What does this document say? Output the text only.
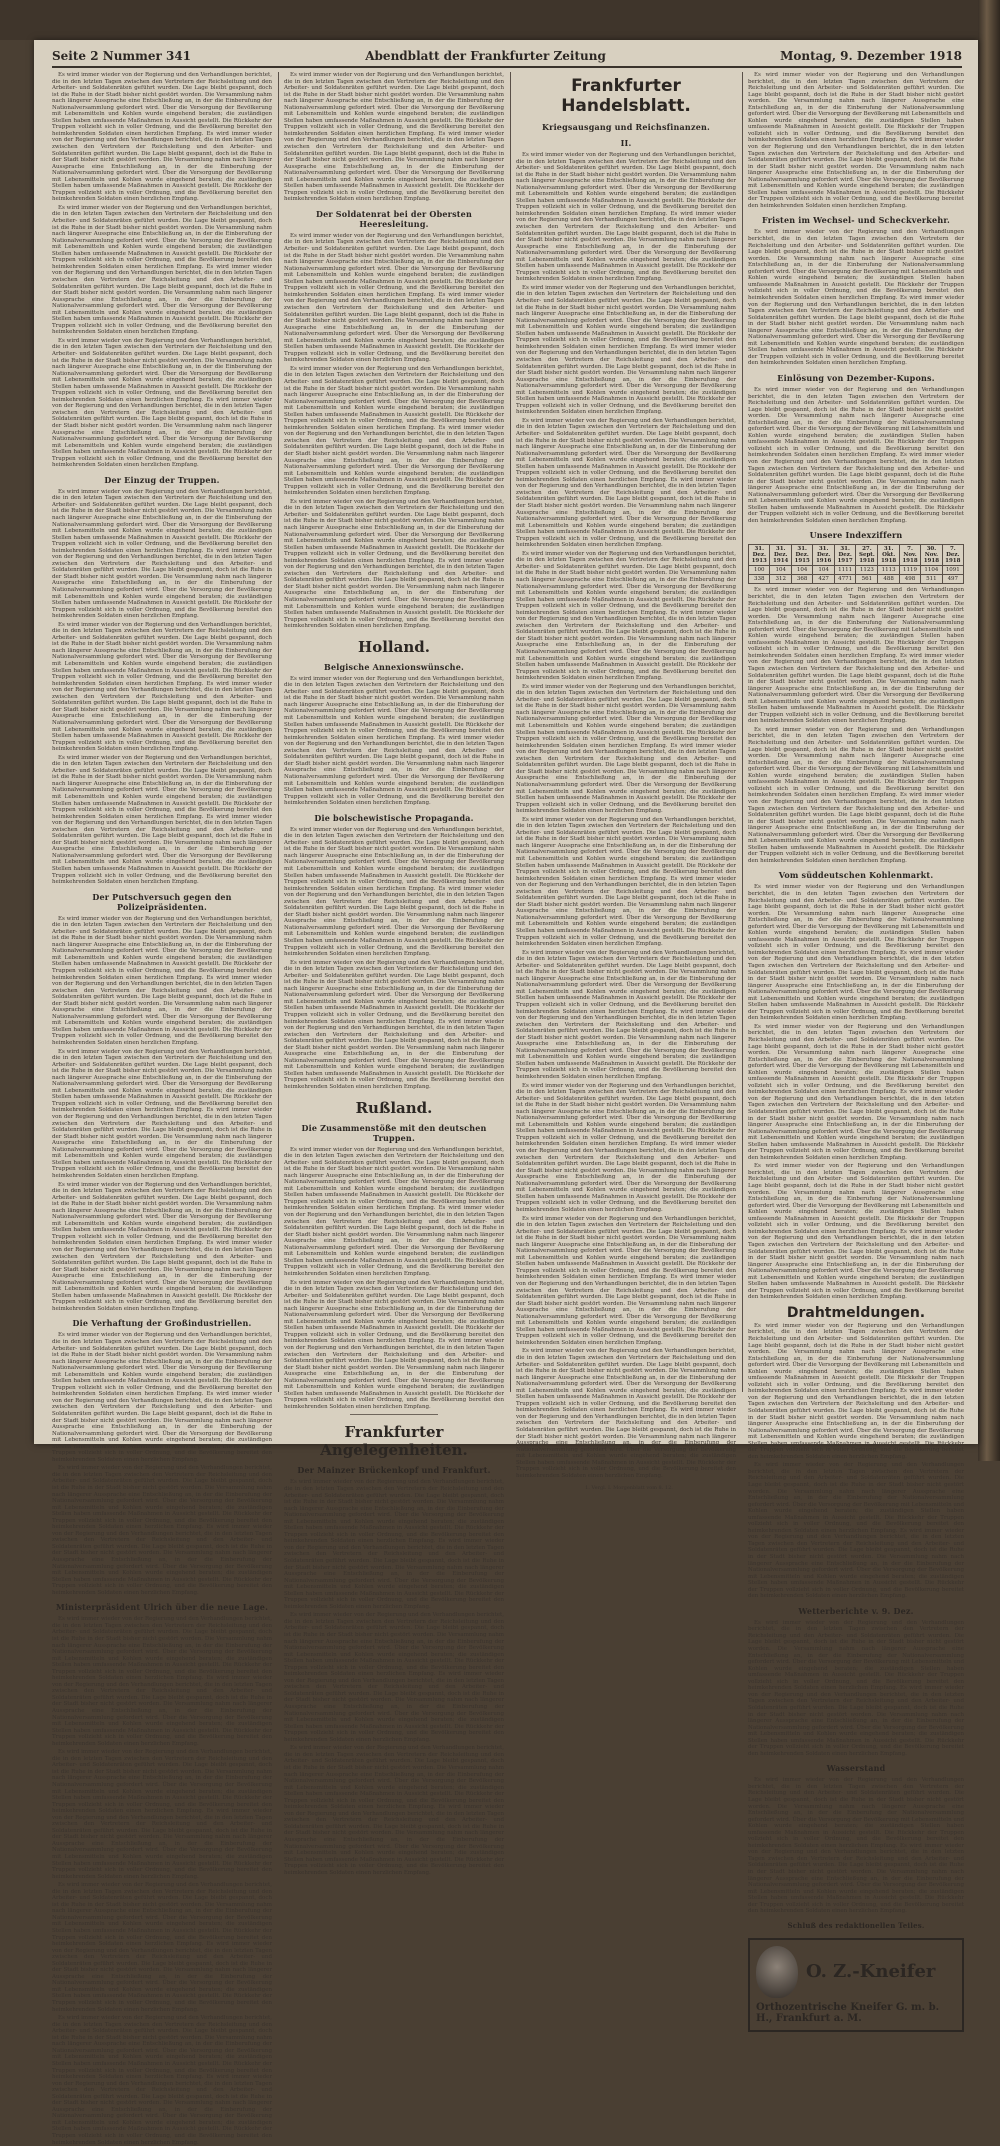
Seite 2 Nummer 341	Abendblatt der Frankfurter Zeitung	Montag, 9. Dezember 1918
Es wird immer wieder von der Regierung und den Verhandlungen berichtet, die in den letzten Tagen zwischen den Vertretern der Reichsleitung und den Arbeiter- und Soldatenräten geführt wurden. Die Lage bleibt gespannt, doch ist die Ruhe in der Stadt bisher nicht gestört worden. Die Versammlung nahm nach längerer Aussprache eine Entschließung an, in der die Einberufung der Nationalversammlung gefordert wird. Über die Versorgung der Bevölkerung mit Lebensmitteln und Kohlen wurde eingehend beraten; die zuständigen Stellen haben umfassende Maßnahmen in Aussicht gestellt. Die Rückkehr der Truppen vollzieht sich in voller Ordnung, und die Bevölkerung bereitet den heimkehrenden Soldaten einen herzlichen Empfang. Es wird immer wieder von der Regierung und den Verhandlungen berichtet, die in den letzten Tagen zwischen den Vertretern der Reichsleitung und den Arbeiter- und Soldatenräten geführt wurden. Die Lage bleibt gespannt, doch ist die Ruhe in der Stadt bisher nicht gestört worden. Die Versammlung nahm nach längerer Aussprache eine Entschließung an, in der die Einberufung der Nationalversammlung gefordert wird. Über die Versorgung der Bevölkerung mit Lebensmitteln und Kohlen wurde eingehend beraten; die zuständigen Stellen haben umfassende Maßnahmen in Aussicht gestellt. Die Rückkehr der Truppen vollzieht sich in voller Ordnung, und die Bevölkerung bereitet den heimkehrenden Soldaten einen herzlichen Empfang.
Es wird immer wieder von der Regierung und den Verhandlungen berichtet, die in den letzten Tagen zwischen den Vertretern der Reichsleitung und den Arbeiter- und Soldatenräten geführt wurden. Die Lage bleibt gespannt, doch ist die Ruhe in der Stadt bisher nicht gestört worden. Die Versammlung nahm nach längerer Aussprache eine Entschließung an, in der die Einberufung der Nationalversammlung gefordert wird. Über die Versorgung der Bevölkerung mit Lebensmitteln und Kohlen wurde eingehend beraten; die zuständigen Stellen haben umfassende Maßnahmen in Aussicht gestellt. Die Rückkehr der Truppen vollzieht sich in voller Ordnung, und die Bevölkerung bereitet den heimkehrenden Soldaten einen herzlichen Empfang. Es wird immer wieder von der Regierung und den Verhandlungen berichtet, die in den letzten Tagen zwischen den Vertretern der Reichsleitung und den Arbeiter- und Soldatenräten geführt wurden. Die Lage bleibt gespannt, doch ist die Ruhe in der Stadt bisher nicht gestört worden. Die Versammlung nahm nach längerer Aussprache eine Entschließung an, in der die Einberufung der Nationalversammlung gefordert wird. Über die Versorgung der Bevölkerung mit Lebensmitteln und Kohlen wurde eingehend beraten; die zuständigen Stellen haben umfassende Maßnahmen in Aussicht gestellt. Die Rückkehr der Truppen vollzieht sich in voller Ordnung, und die Bevölkerung bereitet den heimkehrenden Soldaten einen herzlichen Empfang.
Es wird immer wieder von der Regierung und den Verhandlungen berichtet, die in den letzten Tagen zwischen den Vertretern der Reichsleitung und den Arbeiter- und Soldatenräten geführt wurden. Die Lage bleibt gespannt, doch ist die Ruhe in der Stadt bisher nicht gestört worden. Die Versammlung nahm nach längerer Aussprache eine Entschließung an, in der die Einberufung der Nationalversammlung gefordert wird. Über die Versorgung der Bevölkerung mit Lebensmitteln und Kohlen wurde eingehend beraten; die zuständigen Stellen haben umfassende Maßnahmen in Aussicht gestellt. Die Rückkehr der Truppen vollzieht sich in voller Ordnung, und die Bevölkerung bereitet den heimkehrenden Soldaten einen herzlichen Empfang. Es wird immer wieder von der Regierung und den Verhandlungen berichtet, die in den letzten Tagen zwischen den Vertretern der Reichsleitung und den Arbeiter- und Soldatenräten geführt wurden. Die Lage bleibt gespannt, doch ist die Ruhe in der Stadt bisher nicht gestört worden. Die Versammlung nahm nach längerer Aussprache eine Entschließung an, in der die Einberufung der Nationalversammlung gefordert wird. Über die Versorgung der Bevölkerung mit Lebensmitteln und Kohlen wurde eingehend beraten; die zuständigen Stellen haben umfassende Maßnahmen in Aussicht gestellt. Die Rückkehr der Truppen vollzieht sich in voller Ordnung, und die Bevölkerung bereitet den heimkehrenden Soldaten einen herzlichen Empfang.
Der Einzug der Truppen.
Es wird immer wieder von der Regierung und den Verhandlungen berichtet, die in den letzten Tagen zwischen den Vertretern der Reichsleitung und den Arbeiter- und Soldatenräten geführt wurden. Die Lage bleibt gespannt, doch ist die Ruhe in der Stadt bisher nicht gestört worden. Die Versammlung nahm nach längerer Aussprache eine Entschließung an, in der die Einberufung der Nationalversammlung gefordert wird. Über die Versorgung der Bevölkerung mit Lebensmitteln und Kohlen wurde eingehend beraten; die zuständigen Stellen haben umfassende Maßnahmen in Aussicht gestellt. Die Rückkehr der Truppen vollzieht sich in voller Ordnung, und die Bevölkerung bereitet den heimkehrenden Soldaten einen herzlichen Empfang. Es wird immer wieder von der Regierung und den Verhandlungen berichtet, die in den letzten Tagen zwischen den Vertretern der Reichsleitung und den Arbeiter- und Soldatenräten geführt wurden. Die Lage bleibt gespannt, doch ist die Ruhe in der Stadt bisher nicht gestört worden. Die Versammlung nahm nach längerer Aussprache eine Entschließung an, in der die Einberufung der Nationalversammlung gefordert wird. Über die Versorgung der Bevölkerung mit Lebensmitteln und Kohlen wurde eingehend beraten; die zuständigen Stellen haben umfassende Maßnahmen in Aussicht gestellt. Die Rückkehr der Truppen vollzieht sich in voller Ordnung, und die Bevölkerung bereitet den heimkehrenden Soldaten einen herzlichen Empfang.
Es wird immer wieder von der Regierung und den Verhandlungen berichtet, die in den letzten Tagen zwischen den Vertretern der Reichsleitung und den Arbeiter- und Soldatenräten geführt wurden. Die Lage bleibt gespannt, doch ist die Ruhe in der Stadt bisher nicht gestört worden. Die Versammlung nahm nach längerer Aussprache eine Entschließung an, in der die Einberufung der Nationalversammlung gefordert wird. Über die Versorgung der Bevölkerung mit Lebensmitteln und Kohlen wurde eingehend beraten; die zuständigen Stellen haben umfassende Maßnahmen in Aussicht gestellt. Die Rückkehr der Truppen vollzieht sich in voller Ordnung, und die Bevölkerung bereitet den heimkehrenden Soldaten einen herzlichen Empfang. Es wird immer wieder von der Regierung und den Verhandlungen berichtet, die in den letzten Tagen zwischen den Vertretern der Reichsleitung und den Arbeiter- und Soldatenräten geführt wurden. Die Lage bleibt gespannt, doch ist die Ruhe in der Stadt bisher nicht gestört worden. Die Versammlung nahm nach längerer Aussprache eine Entschließung an, in der die Einberufung der Nationalversammlung gefordert wird. Über die Versorgung der Bevölkerung mit Lebensmitteln und Kohlen wurde eingehend beraten; die zuständigen Stellen haben umfassende Maßnahmen in Aussicht gestellt. Die Rückkehr der Truppen vollzieht sich in voller Ordnung, und die Bevölkerung bereitet den heimkehrenden Soldaten einen herzlichen Empfang.
Es wird immer wieder von der Regierung und den Verhandlungen berichtet, die in den letzten Tagen zwischen den Vertretern der Reichsleitung und den Arbeiter- und Soldatenräten geführt wurden. Die Lage bleibt gespannt, doch ist die Ruhe in der Stadt bisher nicht gestört worden. Die Versammlung nahm nach längerer Aussprache eine Entschließung an, in der die Einberufung der Nationalversammlung gefordert wird. Über die Versorgung der Bevölkerung mit Lebensmitteln und Kohlen wurde eingehend beraten; die zuständigen Stellen haben umfassende Maßnahmen in Aussicht gestellt. Die Rückkehr der Truppen vollzieht sich in voller Ordnung, und die Bevölkerung bereitet den heimkehrenden Soldaten einen herzlichen Empfang. Es wird immer wieder von der Regierung und den Verhandlungen berichtet, die in den letzten Tagen zwischen den Vertretern der Reichsleitung und den Arbeiter- und Soldatenräten geführt wurden. Die Lage bleibt gespannt, doch ist die Ruhe in der Stadt bisher nicht gestört worden. Die Versammlung nahm nach längerer Aussprache eine Entschließung an, in der die Einberufung der Nationalversammlung gefordert wird. Über die Versorgung der Bevölkerung mit Lebensmitteln und Kohlen wurde eingehend beraten; die zuständigen Stellen haben umfassende Maßnahmen in Aussicht gestellt. Die Rückkehr der Truppen vollzieht sich in voller Ordnung, und die Bevölkerung bereitet den heimkehrenden Soldaten einen herzlichen Empfang.
Der Putschversuch gegen den Polizeipräsidenten.
Es wird immer wieder von der Regierung und den Verhandlungen berichtet, die in den letzten Tagen zwischen den Vertretern der Reichsleitung und den Arbeiter- und Soldatenräten geführt wurden. Die Lage bleibt gespannt, doch ist die Ruhe in der Stadt bisher nicht gestört worden. Die Versammlung nahm nach längerer Aussprache eine Entschließung an, in der die Einberufung der Nationalversammlung gefordert wird. Über die Versorgung der Bevölkerung mit Lebensmitteln und Kohlen wurde eingehend beraten; die zuständigen Stellen haben umfassende Maßnahmen in Aussicht gestellt. Die Rückkehr der Truppen vollzieht sich in voller Ordnung, und die Bevölkerung bereitet den heimkehrenden Soldaten einen herzlichen Empfang. Es wird immer wieder von der Regierung und den Verhandlungen berichtet, die in den letzten Tagen zwischen den Vertretern der Reichsleitung und den Arbeiter- und Soldatenräten geführt wurden. Die Lage bleibt gespannt, doch ist die Ruhe in der Stadt bisher nicht gestört worden. Die Versammlung nahm nach längerer Aussprache eine Entschließung an, in der die Einberufung der Nationalversammlung gefordert wird. Über die Versorgung der Bevölkerung mit Lebensmitteln und Kohlen wurde eingehend beraten; die zuständigen Stellen haben umfassende Maßnahmen in Aussicht gestellt. Die Rückkehr der Truppen vollzieht sich in voller Ordnung, und die Bevölkerung bereitet den heimkehrenden Soldaten einen herzlichen Empfang.
Es wird immer wieder von der Regierung und den Verhandlungen berichtet, die in den letzten Tagen zwischen den Vertretern der Reichsleitung und den Arbeiter- und Soldatenräten geführt wurden. Die Lage bleibt gespannt, doch ist die Ruhe in der Stadt bisher nicht gestört worden. Die Versammlung nahm nach längerer Aussprache eine Entschließung an, in der die Einberufung der Nationalversammlung gefordert wird. Über die Versorgung der Bevölkerung mit Lebensmitteln und Kohlen wurde eingehend beraten; die zuständigen Stellen haben umfassende Maßnahmen in Aussicht gestellt. Die Rückkehr der Truppen vollzieht sich in voller Ordnung, und die Bevölkerung bereitet den heimkehrenden Soldaten einen herzlichen Empfang. Es wird immer wieder von der Regierung und den Verhandlungen berichtet, die in den letzten Tagen zwischen den Vertretern der Reichsleitung und den Arbeiter- und Soldatenräten geführt wurden. Die Lage bleibt gespannt, doch ist die Ruhe in der Stadt bisher nicht gestört worden. Die Versammlung nahm nach längerer Aussprache eine Entschließung an, in der die Einberufung der Nationalversammlung gefordert wird. Über die Versorgung der Bevölkerung mit Lebensmitteln und Kohlen wurde eingehend beraten; die zuständigen Stellen haben umfassende Maßnahmen in Aussicht gestellt. Die Rückkehr der Truppen vollzieht sich in voller Ordnung, und die Bevölkerung bereitet den heimkehrenden Soldaten einen herzlichen Empfang.
Es wird immer wieder von der Regierung und den Verhandlungen berichtet, die in den letzten Tagen zwischen den Vertretern der Reichsleitung und den Arbeiter- und Soldatenräten geführt wurden. Die Lage bleibt gespannt, doch ist die Ruhe in der Stadt bisher nicht gestört worden. Die Versammlung nahm nach längerer Aussprache eine Entschließung an, in der die Einberufung der Nationalversammlung gefordert wird. Über die Versorgung der Bevölkerung mit Lebensmitteln und Kohlen wurde eingehend beraten; die zuständigen Stellen haben umfassende Maßnahmen in Aussicht gestellt. Die Rückkehr der Truppen vollzieht sich in voller Ordnung, und die Bevölkerung bereitet den heimkehrenden Soldaten einen herzlichen Empfang. Es wird immer wieder von der Regierung und den Verhandlungen berichtet, die in den letzten Tagen zwischen den Vertretern der Reichsleitung und den Arbeiter- und Soldatenräten geführt wurden. Die Lage bleibt gespannt, doch ist die Ruhe in der Stadt bisher nicht gestört worden. Die Versammlung nahm nach längerer Aussprache eine Entschließung an, in der die Einberufung der Nationalversammlung gefordert wird. Über die Versorgung der Bevölkerung mit Lebensmitteln und Kohlen wurde eingehend beraten; die zuständigen Stellen haben umfassende Maßnahmen in Aussicht gestellt. Die Rückkehr der Truppen vollzieht sich in voller Ordnung, und die Bevölkerung bereitet den heimkehrenden Soldaten einen herzlichen Empfang.
Die Verhaftung der Großindustriellen.
Es wird immer wieder von der Regierung und den Verhandlungen berichtet, die in den letzten Tagen zwischen den Vertretern der Reichsleitung und den Arbeiter- und Soldatenräten geführt wurden. Die Lage bleibt gespannt, doch ist die Ruhe in der Stadt bisher nicht gestört worden. Die Versammlung nahm nach längerer Aussprache eine Entschließung an, in der die Einberufung der Nationalversammlung gefordert wird. Über die Versorgung der Bevölkerung mit Lebensmitteln und Kohlen wurde eingehend beraten; die zuständigen Stellen haben umfassende Maßnahmen in Aussicht gestellt. Die Rückkehr der Truppen vollzieht sich in voller Ordnung, und die Bevölkerung bereitet den heimkehrenden Soldaten einen herzlichen Empfang. Es wird immer wieder von der Regierung und den Verhandlungen berichtet, die in den letzten Tagen zwischen den Vertretern der Reichsleitung und den Arbeiter- und Soldatenräten geführt wurden. Die Lage bleibt gespannt, doch ist die Ruhe in der Stadt bisher nicht gestört worden. Die Versammlung nahm nach längerer Aussprache eine Entschließung an, in der die Einberufung der Nationalversammlung gefordert wird. Über die Versorgung der Bevölkerung mit Lebensmitteln und Kohlen wurde eingehend beraten; die zuständigen Stellen haben umfassende Maßnahmen in Aussicht gestellt. Die Rückkehr der Truppen vollzieht sich in voller Ordnung, und die Bevölkerung bereitet den heimkehrenden Soldaten einen herzlichen Empfang.
Es wird immer wieder von der Regierung und den Verhandlungen berichtet, die in den letzten Tagen zwischen den Vertretern der Reichsleitung und den Arbeiter- und Soldatenräten geführt wurden. Die Lage bleibt gespannt, doch ist die Ruhe in der Stadt bisher nicht gestört worden. Die Versammlung nahm nach längerer Aussprache eine Entschließung an, in der die Einberufung der Nationalversammlung gefordert wird. Über die Versorgung der Bevölkerung mit Lebensmitteln und Kohlen wurde eingehend beraten; die zuständigen Stellen haben umfassende Maßnahmen in Aussicht gestellt. Die Rückkehr der Truppen vollzieht sich in voller Ordnung, und die Bevölkerung bereitet den heimkehrenden Soldaten einen herzlichen Empfang. Es wird immer wieder von der Regierung und den Verhandlungen berichtet, die in den letzten Tagen zwischen den Vertretern der Reichsleitung und den Arbeiter- und Soldatenräten geführt wurden. Die Lage bleibt gespannt, doch ist die Ruhe in der Stadt bisher nicht gestört worden. Die Versammlung nahm nach längerer Aussprache eine Entschließung an, in der die Einberufung der Nationalversammlung gefordert wird. Über die Versorgung der Bevölkerung mit Lebensmitteln und Kohlen wurde eingehend beraten; die zuständigen Stellen haben umfassende Maßnahmen in Aussicht gestellt. Die Rückkehr der Truppen vollzieht sich in voller Ordnung, und die Bevölkerung bereitet den heimkehrenden Soldaten einen herzlichen Empfang.
Ministerpräsident Ulrich über die neue Lage.
Es wird immer wieder von der Regierung und den Verhandlungen berichtet, die in den letzten Tagen zwischen den Vertretern der Reichsleitung und den Arbeiter- und Soldatenräten geführt wurden. Die Lage bleibt gespannt, doch ist die Ruhe in der Stadt bisher nicht gestört worden. Die Versammlung nahm nach längerer Aussprache eine Entschließung an, in der die Einberufung der Nationalversammlung gefordert wird. Über die Versorgung der Bevölkerung mit Lebensmitteln und Kohlen wurde eingehend beraten; die zuständigen Stellen haben umfassende Maßnahmen in Aussicht gestellt. Die Rückkehr der Truppen vollzieht sich in voller Ordnung, und die Bevölkerung bereitet den heimkehrenden Soldaten einen herzlichen Empfang. Es wird immer wieder von der Regierung und den Verhandlungen berichtet, die in den letzten Tagen zwischen den Vertretern der Reichsleitung und den Arbeiter- und Soldatenräten geführt wurden. Die Lage bleibt gespannt, doch ist die Ruhe in der Stadt bisher nicht gestört worden. Die Versammlung nahm nach längerer Aussprache eine Entschließung an, in der die Einberufung der Nationalversammlung gefordert wird. Über die Versorgung der Bevölkerung mit Lebensmitteln und Kohlen wurde eingehend beraten; die zuständigen Stellen haben umfassende Maßnahmen in Aussicht gestellt. Die Rückkehr der Truppen vollzieht sich in voller Ordnung, und die Bevölkerung bereitet den heimkehrenden Soldaten einen herzlichen Empfang.
Es wird immer wieder von der Regierung und den Verhandlungen berichtet, die in den letzten Tagen zwischen den Vertretern der Reichsleitung und den Arbeiter- und Soldatenräten geführt wurden. Die Lage bleibt gespannt, doch ist die Ruhe in der Stadt bisher nicht gestört worden. Die Versammlung nahm nach längerer Aussprache eine Entschließung an, in der die Einberufung der Nationalversammlung gefordert wird. Über die Versorgung der Bevölkerung mit Lebensmitteln und Kohlen wurde eingehend beraten; die zuständigen Stellen haben umfassende Maßnahmen in Aussicht gestellt. Die Rückkehr der Truppen vollzieht sich in voller Ordnung, und die Bevölkerung bereitet den heimkehrenden Soldaten einen herzlichen Empfang. Es wird immer wieder von der Regierung und den Verhandlungen berichtet, die in den letzten Tagen zwischen den Vertretern der Reichsleitung und den Arbeiter- und Soldatenräten geführt wurden. Die Lage bleibt gespannt, doch ist die Ruhe in der Stadt bisher nicht gestört worden. Die Versammlung nahm nach längerer Aussprache eine Entschließung an, in der die Einberufung der Nationalversammlung gefordert wird. Über die Versorgung der Bevölkerung mit Lebensmitteln und Kohlen wurde eingehend beraten; die zuständigen Stellen haben umfassende Maßnahmen in Aussicht gestellt. Die Rückkehr der Truppen vollzieht sich in voller Ordnung, und die Bevölkerung bereitet den heimkehrenden Soldaten einen herzlichen Empfang.
Es wird immer wieder von der Regierung und den Verhandlungen berichtet, die in den letzten Tagen zwischen den Vertretern der Reichsleitung und den Arbeiter- und Soldatenräten geführt wurden. Die Lage bleibt gespannt, doch ist die Ruhe in der Stadt bisher nicht gestört worden. Die Versammlung nahm nach längerer Aussprache eine Entschließung an, in der die Einberufung der Nationalversammlung gefordert wird. Über die Versorgung der Bevölkerung mit Lebensmitteln und Kohlen wurde eingehend beraten; die zuständigen Stellen haben umfassende Maßnahmen in Aussicht gestellt. Die Rückkehr der Truppen vollzieht sich in voller Ordnung, und die Bevölkerung bereitet den heimkehrenden Soldaten einen herzlichen Empfang. Es wird immer wieder von der Regierung und den Verhandlungen berichtet, die in den letzten Tagen zwischen den Vertretern der Reichsleitung und den Arbeiter- und Soldatenräten geführt wurden. Die Lage bleibt gespannt, doch ist die Ruhe in der Stadt bisher nicht gestört worden. Die Versammlung nahm nach längerer Aussprache eine Entschließung an, in der die Einberufung der Nationalversammlung gefordert wird. Über die Versorgung der Bevölkerung mit Lebensmitteln und Kohlen wurde eingehend beraten; die zuständigen Stellen haben umfassende Maßnahmen in Aussicht gestellt. Die Rückkehr der Truppen vollzieht sich in voller Ordnung, und die Bevölkerung bereitet den heimkehrenden Soldaten einen herzlichen Empfang.
Es wird immer wieder von der Regierung und den Verhandlungen berichtet, die in den letzten Tagen zwischen den Vertretern der Reichsleitung und den Arbeiter- und Soldatenräten geführt wurden. Die Lage bleibt gespannt, doch ist die Ruhe in der Stadt bisher nicht gestört worden. Die Versammlung nahm nach längerer Aussprache eine Entschließung an, in der die Einberufung der Nationalversammlung gefordert wird. Über die Versorgung der Bevölkerung mit Lebensmitteln und Kohlen wurde eingehend beraten; die zuständigen Stellen haben umfassende Maßnahmen in Aussicht gestellt. Die Rückkehr der Truppen vollzieht sich in voller Ordnung, und die Bevölkerung bereitet den heimkehrenden Soldaten einen herzlichen Empfang. Es wird immer wieder von der Regierung und den Verhandlungen berichtet, die in den letzten Tagen zwischen den Vertretern der Reichsleitung und den Arbeiter- und Soldatenräten geführt wurden. Die Lage bleibt gespannt, doch ist die Ruhe in der Stadt bisher nicht gestört worden. Die Versammlung nahm nach längerer Aussprache eine Entschließung an, in der die Einberufung der Nationalversammlung gefordert wird. Über die Versorgung der Bevölkerung mit Lebensmitteln und Kohlen wurde eingehend beraten; die zuständigen Stellen haben umfassende Maßnahmen in Aussicht gestellt. Die Rückkehr der Truppen vollzieht sich in voller Ordnung, und die Bevölkerung bereitet den heimkehrenden Soldaten einen herzlichen Empfang.
Es wird immer wieder von der Regierung und den Verhandlungen berichtet, die in den letzten Tagen zwischen den Vertretern der Reichsleitung und den Arbeiter- und Soldatenräten geführt wurden. Die Lage bleibt gespannt, doch ist die Ruhe in der Stadt bisher nicht gestört worden. Die Versammlung nahm nach längerer Aussprache eine Entschließung an, in der die Einberufung der Nationalversammlung gefordert wird. Über die Versorgung der Bevölkerung mit Lebensmitteln und Kohlen wurde eingehend beraten; die zuständigen Stellen haben umfassende Maßnahmen in Aussicht gestellt. Die Rückkehr der Truppen vollzieht sich in voller Ordnung, und die Bevölkerung bereitet den heimkehrenden Soldaten einen herzlichen Empfang. Es wird immer wieder von der Regierung und den Verhandlungen berichtet, die in den letzten Tagen zwischen den Vertretern der Reichsleitung und den Arbeiter- und Soldatenräten geführt wurden. Die Lage bleibt gespannt, doch ist die Ruhe in der Stadt bisher nicht gestört worden. Die Versammlung nahm nach längerer Aussprache eine Entschließung an, in der die Einberufung der Nationalversammlung gefordert wird. Über die Versorgung der Bevölkerung mit Lebensmitteln und Kohlen wurde eingehend beraten; die zuständigen Stellen haben umfassende Maßnahmen in Aussicht gestellt. Die Rückkehr der Truppen vollzieht sich in voller Ordnung, und die Bevölkerung bereitet den heimkehrenden Soldaten einen herzlichen Empfang.
Der Soldatenrat bei der Obersten Heeresleitung.
Es wird immer wieder von der Regierung und den Verhandlungen berichtet, die in den letzten Tagen zwischen den Vertretern der Reichsleitung und den Arbeiter- und Soldatenräten geführt wurden. Die Lage bleibt gespannt, doch ist die Ruhe in der Stadt bisher nicht gestört worden. Die Versammlung nahm nach längerer Aussprache eine Entschließung an, in der die Einberufung der Nationalversammlung gefordert wird. Über die Versorgung der Bevölkerung mit Lebensmitteln und Kohlen wurde eingehend beraten; die zuständigen Stellen haben umfassende Maßnahmen in Aussicht gestellt. Die Rückkehr der Truppen vollzieht sich in voller Ordnung, und die Bevölkerung bereitet den heimkehrenden Soldaten einen herzlichen Empfang. Es wird immer wieder von der Regierung und den Verhandlungen berichtet, die in den letzten Tagen zwischen den Vertretern der Reichsleitung und den Arbeiter- und Soldatenräten geführt wurden. Die Lage bleibt gespannt, doch ist die Ruhe in der Stadt bisher nicht gestört worden. Die Versammlung nahm nach längerer Aussprache eine Entschließung an, in der die Einberufung der Nationalversammlung gefordert wird. Über die Versorgung der Bevölkerung mit Lebensmitteln und Kohlen wurde eingehend beraten; die zuständigen Stellen haben umfassende Maßnahmen in Aussicht gestellt. Die Rückkehr der Truppen vollzieht sich in voller Ordnung, und die Bevölkerung bereitet den heimkehrenden Soldaten einen herzlichen Empfang.
Es wird immer wieder von der Regierung und den Verhandlungen berichtet, die in den letzten Tagen zwischen den Vertretern der Reichsleitung und den Arbeiter- und Soldatenräten geführt wurden. Die Lage bleibt gespannt, doch ist die Ruhe in der Stadt bisher nicht gestört worden. Die Versammlung nahm nach längerer Aussprache eine Entschließung an, in der die Einberufung der Nationalversammlung gefordert wird. Über die Versorgung der Bevölkerung mit Lebensmitteln und Kohlen wurde eingehend beraten; die zuständigen Stellen haben umfassende Maßnahmen in Aussicht gestellt. Die Rückkehr der Truppen vollzieht sich in voller Ordnung, und die Bevölkerung bereitet den heimkehrenden Soldaten einen herzlichen Empfang. Es wird immer wieder von der Regierung und den Verhandlungen berichtet, die in den letzten Tagen zwischen den Vertretern der Reichsleitung und den Arbeiter- und Soldatenräten geführt wurden. Die Lage bleibt gespannt, doch ist die Ruhe in der Stadt bisher nicht gestört worden. Die Versammlung nahm nach längerer Aussprache eine Entschließung an, in der die Einberufung der Nationalversammlung gefordert wird. Über die Versorgung der Bevölkerung mit Lebensmitteln und Kohlen wurde eingehend beraten; die zuständigen Stellen haben umfassende Maßnahmen in Aussicht gestellt. Die Rückkehr der Truppen vollzieht sich in voller Ordnung, und die Bevölkerung bereitet den heimkehrenden Soldaten einen herzlichen Empfang.
Es wird immer wieder von der Regierung und den Verhandlungen berichtet, die in den letzten Tagen zwischen den Vertretern der Reichsleitung und den Arbeiter- und Soldatenräten geführt wurden. Die Lage bleibt gespannt, doch ist die Ruhe in der Stadt bisher nicht gestört worden. Die Versammlung nahm nach längerer Aussprache eine Entschließung an, in der die Einberufung der Nationalversammlung gefordert wird. Über die Versorgung der Bevölkerung mit Lebensmitteln und Kohlen wurde eingehend beraten; die zuständigen Stellen haben umfassende Maßnahmen in Aussicht gestellt. Die Rückkehr der Truppen vollzieht sich in voller Ordnung, und die Bevölkerung bereitet den heimkehrenden Soldaten einen herzlichen Empfang. Es wird immer wieder von der Regierung und den Verhandlungen berichtet, die in den letzten Tagen zwischen den Vertretern der Reichsleitung und den Arbeiter- und Soldatenräten geführt wurden. Die Lage bleibt gespannt, doch ist die Ruhe in der Stadt bisher nicht gestört worden. Die Versammlung nahm nach längerer Aussprache eine Entschließung an, in der die Einberufung der Nationalversammlung gefordert wird. Über die Versorgung der Bevölkerung mit Lebensmitteln und Kohlen wurde eingehend beraten; die zuständigen Stellen haben umfassende Maßnahmen in Aussicht gestellt. Die Rückkehr der Truppen vollzieht sich in voller Ordnung, und die Bevölkerung bereitet den heimkehrenden Soldaten einen herzlichen Empfang.
Holland.
Belgische Annexionswünsche.
Es wird immer wieder von der Regierung und den Verhandlungen berichtet, die in den letzten Tagen zwischen den Vertretern der Reichsleitung und den Arbeiter- und Soldatenräten geführt wurden. Die Lage bleibt gespannt, doch ist die Ruhe in der Stadt bisher nicht gestört worden. Die Versammlung nahm nach längerer Aussprache eine Entschließung an, in der die Einberufung der Nationalversammlung gefordert wird. Über die Versorgung der Bevölkerung mit Lebensmitteln und Kohlen wurde eingehend beraten; die zuständigen Stellen haben umfassende Maßnahmen in Aussicht gestellt. Die Rückkehr der Truppen vollzieht sich in voller Ordnung, und die Bevölkerung bereitet den heimkehrenden Soldaten einen herzlichen Empfang. Es wird immer wieder von der Regierung und den Verhandlungen berichtet, die in den letzten Tagen zwischen den Vertretern der Reichsleitung und den Arbeiter- und Soldatenräten geführt wurden. Die Lage bleibt gespannt, doch ist die Ruhe in der Stadt bisher nicht gestört worden. Die Versammlung nahm nach längerer Aussprache eine Entschließung an, in der die Einberufung der Nationalversammlung gefordert wird. Über die Versorgung der Bevölkerung mit Lebensmitteln und Kohlen wurde eingehend beraten; die zuständigen Stellen haben umfassende Maßnahmen in Aussicht gestellt. Die Rückkehr der Truppen vollzieht sich in voller Ordnung, und die Bevölkerung bereitet den heimkehrenden Soldaten einen herzlichen Empfang.
Die bolschewistische Propaganda.
Es wird immer wieder von der Regierung und den Verhandlungen berichtet, die in den letzten Tagen zwischen den Vertretern der Reichsleitung und den Arbeiter- und Soldatenräten geführt wurden. Die Lage bleibt gespannt, doch ist die Ruhe in der Stadt bisher nicht gestört worden. Die Versammlung nahm nach längerer Aussprache eine Entschließung an, in der die Einberufung der Nationalversammlung gefordert wird. Über die Versorgung der Bevölkerung mit Lebensmitteln und Kohlen wurde eingehend beraten; die zuständigen Stellen haben umfassende Maßnahmen in Aussicht gestellt. Die Rückkehr der Truppen vollzieht sich in voller Ordnung, und die Bevölkerung bereitet den heimkehrenden Soldaten einen herzlichen Empfang. Es wird immer wieder von der Regierung und den Verhandlungen berichtet, die in den letzten Tagen zwischen den Vertretern der Reichsleitung und den Arbeiter- und Soldatenräten geführt wurden. Die Lage bleibt gespannt, doch ist die Ruhe in der Stadt bisher nicht gestört worden. Die Versammlung nahm nach längerer Aussprache eine Entschließung an, in der die Einberufung der Nationalversammlung gefordert wird. Über die Versorgung der Bevölkerung mit Lebensmitteln und Kohlen wurde eingehend beraten; die zuständigen Stellen haben umfassende Maßnahmen in Aussicht gestellt. Die Rückkehr der Truppen vollzieht sich in voller Ordnung, und die Bevölkerung bereitet den heimkehrenden Soldaten einen herzlichen Empfang.
Es wird immer wieder von der Regierung und den Verhandlungen berichtet, die in den letzten Tagen zwischen den Vertretern der Reichsleitung und den Arbeiter- und Soldatenräten geführt wurden. Die Lage bleibt gespannt, doch ist die Ruhe in der Stadt bisher nicht gestört worden. Die Versammlung nahm nach längerer Aussprache eine Entschließung an, in der die Einberufung der Nationalversammlung gefordert wird. Über die Versorgung der Bevölkerung mit Lebensmitteln und Kohlen wurde eingehend beraten; die zuständigen Stellen haben umfassende Maßnahmen in Aussicht gestellt. Die Rückkehr der Truppen vollzieht sich in voller Ordnung, und die Bevölkerung bereitet den heimkehrenden Soldaten einen herzlichen Empfang. Es wird immer wieder von der Regierung und den Verhandlungen berichtet, die in den letzten Tagen zwischen den Vertretern der Reichsleitung und den Arbeiter- und Soldatenräten geführt wurden. Die Lage bleibt gespannt, doch ist die Ruhe in der Stadt bisher nicht gestört worden. Die Versammlung nahm nach längerer Aussprache eine Entschließung an, in der die Einberufung der Nationalversammlung gefordert wird. Über die Versorgung der Bevölkerung mit Lebensmitteln und Kohlen wurde eingehend beraten; die zuständigen Stellen haben umfassende Maßnahmen in Aussicht gestellt. Die Rückkehr der Truppen vollzieht sich in voller Ordnung, und die Bevölkerung bereitet den heimkehrenden Soldaten einen herzlichen Empfang.
Rußland.
Die Zusammenstöße mit den deutschen Truppen.
Es wird immer wieder von der Regierung und den Verhandlungen berichtet, die in den letzten Tagen zwischen den Vertretern der Reichsleitung und den Arbeiter- und Soldatenräten geführt wurden. Die Lage bleibt gespannt, doch ist die Ruhe in der Stadt bisher nicht gestört worden. Die Versammlung nahm nach längerer Aussprache eine Entschließung an, in der die Einberufung der Nationalversammlung gefordert wird. Über die Versorgung der Bevölkerung mit Lebensmitteln und Kohlen wurde eingehend beraten; die zuständigen Stellen haben umfassende Maßnahmen in Aussicht gestellt. Die Rückkehr der Truppen vollzieht sich in voller Ordnung, und die Bevölkerung bereitet den heimkehrenden Soldaten einen herzlichen Empfang. Es wird immer wieder von der Regierung und den Verhandlungen berichtet, die in den letzten Tagen zwischen den Vertretern der Reichsleitung und den Arbeiter- und Soldatenräten geführt wurden. Die Lage bleibt gespannt, doch ist die Ruhe in der Stadt bisher nicht gestört worden. Die Versammlung nahm nach längerer Aussprache eine Entschließung an, in der die Einberufung der Nationalversammlung gefordert wird. Über die Versorgung der Bevölkerung mit Lebensmitteln und Kohlen wurde eingehend beraten; die zuständigen Stellen haben umfassende Maßnahmen in Aussicht gestellt. Die Rückkehr der Truppen vollzieht sich in voller Ordnung, und die Bevölkerung bereitet den heimkehrenden Soldaten einen herzlichen Empfang.
Es wird immer wieder von der Regierung und den Verhandlungen berichtet, die in den letzten Tagen zwischen den Vertretern der Reichsleitung und den Arbeiter- und Soldatenräten geführt wurden. Die Lage bleibt gespannt, doch ist die Ruhe in der Stadt bisher nicht gestört worden. Die Versammlung nahm nach längerer Aussprache eine Entschließung an, in der die Einberufung der Nationalversammlung gefordert wird. Über die Versorgung der Bevölkerung mit Lebensmitteln und Kohlen wurde eingehend beraten; die zuständigen Stellen haben umfassende Maßnahmen in Aussicht gestellt. Die Rückkehr der Truppen vollzieht sich in voller Ordnung, und die Bevölkerung bereitet den heimkehrenden Soldaten einen herzlichen Empfang. Es wird immer wieder von der Regierung und den Verhandlungen berichtet, die in den letzten Tagen zwischen den Vertretern der Reichsleitung und den Arbeiter- und Soldatenräten geführt wurden. Die Lage bleibt gespannt, doch ist die Ruhe in der Stadt bisher nicht gestört worden. Die Versammlung nahm nach längerer Aussprache eine Entschließung an, in der die Einberufung der Nationalversammlung gefordert wird. Über die Versorgung der Bevölkerung mit Lebensmitteln und Kohlen wurde eingehend beraten; die zuständigen Stellen haben umfassende Maßnahmen in Aussicht gestellt. Die Rückkehr der Truppen vollzieht sich in voller Ordnung, und die Bevölkerung bereitet den heimkehrenden Soldaten einen herzlichen Empfang.
Frankfurter Angelegenheiten.
Der Mainzer Brückenkopf und Frankfurt.
Es wird immer wieder von der Regierung und den Verhandlungen berichtet, die in den letzten Tagen zwischen den Vertretern der Reichsleitung und den Arbeiter- und Soldatenräten geführt wurden. Die Lage bleibt gespannt, doch ist die Ruhe in der Stadt bisher nicht gestört worden. Die Versammlung nahm nach längerer Aussprache eine Entschließung an, in der die Einberufung der Nationalversammlung gefordert wird. Über die Versorgung der Bevölkerung mit Lebensmitteln und Kohlen wurde eingehend beraten; die zuständigen Stellen haben umfassende Maßnahmen in Aussicht gestellt. Die Rückkehr der Truppen vollzieht sich in voller Ordnung, und die Bevölkerung bereitet den heimkehrenden Soldaten einen herzlichen Empfang. Es wird immer wieder von der Regierung und den Verhandlungen berichtet, die in den letzten Tagen zwischen den Vertretern der Reichsleitung und den Arbeiter- und Soldatenräten geführt wurden. Die Lage bleibt gespannt, doch ist die Ruhe in der Stadt bisher nicht gestört worden. Die Versammlung nahm nach längerer Aussprache eine Entschließung an, in der die Einberufung der Nationalversammlung gefordert wird. Über die Versorgung der Bevölkerung mit Lebensmitteln und Kohlen wurde eingehend beraten; die zuständigen Stellen haben umfassende Maßnahmen in Aussicht gestellt. Die Rückkehr der Truppen vollzieht sich in voller Ordnung, und die Bevölkerung bereitet den heimkehrenden Soldaten einen herzlichen Empfang.
Es wird immer wieder von der Regierung und den Verhandlungen berichtet, die in den letzten Tagen zwischen den Vertretern der Reichsleitung und den Arbeiter- und Soldatenräten geführt wurden. Die Lage bleibt gespannt, doch ist die Ruhe in der Stadt bisher nicht gestört worden. Die Versammlung nahm nach längerer Aussprache eine Entschließung an, in der die Einberufung der Nationalversammlung gefordert wird. Über die Versorgung der Bevölkerung mit Lebensmitteln und Kohlen wurde eingehend beraten; die zuständigen Stellen haben umfassende Maßnahmen in Aussicht gestellt. Die Rückkehr der Truppen vollzieht sich in voller Ordnung, und die Bevölkerung bereitet den heimkehrenden Soldaten einen herzlichen Empfang. Es wird immer wieder von der Regierung und den Verhandlungen berichtet, die in den letzten Tagen zwischen den Vertretern der Reichsleitung und den Arbeiter- und Soldatenräten geführt wurden. Die Lage bleibt gespannt, doch ist die Ruhe in der Stadt bisher nicht gestört worden. Die Versammlung nahm nach längerer Aussprache eine Entschließung an, in der die Einberufung der Nationalversammlung gefordert wird. Über die Versorgung der Bevölkerung mit Lebensmitteln und Kohlen wurde eingehend beraten; die zuständigen Stellen haben umfassende Maßnahmen in Aussicht gestellt. Die Rückkehr der Truppen vollzieht sich in voller Ordnung, und die Bevölkerung bereitet den heimkehrenden Soldaten einen herzlichen Empfang.
Es wird immer wieder von der Regierung und den Verhandlungen berichtet, die in den letzten Tagen zwischen den Vertretern der Reichsleitung und den Arbeiter- und Soldatenräten geführt wurden. Die Lage bleibt gespannt, doch ist die Ruhe in der Stadt bisher nicht gestört worden. Die Versammlung nahm nach längerer Aussprache eine Entschließung an, in der die Einberufung der Nationalversammlung gefordert wird. Über die Versorgung der Bevölkerung mit Lebensmitteln und Kohlen wurde eingehend beraten; die zuständigen Stellen haben umfassende Maßnahmen in Aussicht gestellt. Die Rückkehr der Truppen vollzieht sich in voller Ordnung, und die Bevölkerung bereitet den heimkehrenden Soldaten einen herzlichen Empfang. Es wird immer wieder von der Regierung und den Verhandlungen berichtet, die in den letzten Tagen zwischen den Vertretern der Reichsleitung und den Arbeiter- und Soldatenräten geführt wurden. Die Lage bleibt gespannt, doch ist die Ruhe in der Stadt bisher nicht gestört worden. Die Versammlung nahm nach längerer Aussprache eine Entschließung an, in der die Einberufung der Nationalversammlung gefordert wird. Über die Versorgung der Bevölkerung mit Lebensmitteln und Kohlen wurde eingehend beraten; die zuständigen Stellen haben umfassende Maßnahmen in Aussicht gestellt. Die Rückkehr der Truppen vollzieht sich in voller Ordnung, und die Bevölkerung bereitet den heimkehrenden Soldaten einen herzlichen Empfang.
Frankfurter Handelsblatt.
Kriegsausgang und Reichsfinanzen.
II.
Es wird immer wieder von der Regierung und den Verhandlungen berichtet, die in den letzten Tagen zwischen den Vertretern der Reichsleitung und den Arbeiter- und Soldatenräten geführt wurden. Die Lage bleibt gespannt, doch ist die Ruhe in der Stadt bisher nicht gestört worden. Die Versammlung nahm nach längerer Aussprache eine Entschließung an, in der die Einberufung der Nationalversammlung gefordert wird. Über die Versorgung der Bevölkerung mit Lebensmitteln und Kohlen wurde eingehend beraten; die zuständigen Stellen haben umfassende Maßnahmen in Aussicht gestellt. Die Rückkehr der Truppen vollzieht sich in voller Ordnung, und die Bevölkerung bereitet den heimkehrenden Soldaten einen herzlichen Empfang. Es wird immer wieder von der Regierung und den Verhandlungen berichtet, die in den letzten Tagen zwischen den Vertretern der Reichsleitung und den Arbeiter- und Soldatenräten geführt wurden. Die Lage bleibt gespannt, doch ist die Ruhe in der Stadt bisher nicht gestört worden. Die Versammlung nahm nach längerer Aussprache eine Entschließung an, in der die Einberufung der Nationalversammlung gefordert wird. Über die Versorgung der Bevölkerung mit Lebensmitteln und Kohlen wurde eingehend beraten; die zuständigen Stellen haben umfassende Maßnahmen in Aussicht gestellt. Die Rückkehr der Truppen vollzieht sich in voller Ordnung, und die Bevölkerung bereitet den heimkehrenden Soldaten einen herzlichen Empfang.
Es wird immer wieder von der Regierung und den Verhandlungen berichtet, die in den letzten Tagen zwischen den Vertretern der Reichsleitung und den Arbeiter- und Soldatenräten geführt wurden. Die Lage bleibt gespannt, doch ist die Ruhe in der Stadt bisher nicht gestört worden. Die Versammlung nahm nach längerer Aussprache eine Entschließung an, in der die Einberufung der Nationalversammlung gefordert wird. Über die Versorgung der Bevölkerung mit Lebensmitteln und Kohlen wurde eingehend beraten; die zuständigen Stellen haben umfassende Maßnahmen in Aussicht gestellt. Die Rückkehr der Truppen vollzieht sich in voller Ordnung, und die Bevölkerung bereitet den heimkehrenden Soldaten einen herzlichen Empfang. Es wird immer wieder von der Regierung und den Verhandlungen berichtet, die in den letzten Tagen zwischen den Vertretern der Reichsleitung und den Arbeiter- und Soldatenräten geführt wurden. Die Lage bleibt gespannt, doch ist die Ruhe in der Stadt bisher nicht gestört worden. Die Versammlung nahm nach längerer Aussprache eine Entschließung an, in der die Einberufung der Nationalversammlung gefordert wird. Über die Versorgung der Bevölkerung mit Lebensmitteln und Kohlen wurde eingehend beraten; die zuständigen Stellen haben umfassende Maßnahmen in Aussicht gestellt. Die Rückkehr der Truppen vollzieht sich in voller Ordnung, und die Bevölkerung bereitet den heimkehrenden Soldaten einen herzlichen Empfang.
Es wird immer wieder von der Regierung und den Verhandlungen berichtet, die in den letzten Tagen zwischen den Vertretern der Reichsleitung und den Arbeiter- und Soldatenräten geführt wurden. Die Lage bleibt gespannt, doch ist die Ruhe in der Stadt bisher nicht gestört worden. Die Versammlung nahm nach längerer Aussprache eine Entschließung an, in der die Einberufung der Nationalversammlung gefordert wird. Über die Versorgung der Bevölkerung mit Lebensmitteln und Kohlen wurde eingehend beraten; die zuständigen Stellen haben umfassende Maßnahmen in Aussicht gestellt. Die Rückkehr der Truppen vollzieht sich in voller Ordnung, und die Bevölkerung bereitet den heimkehrenden Soldaten einen herzlichen Empfang. Es wird immer wieder von der Regierung und den Verhandlungen berichtet, die in den letzten Tagen zwischen den Vertretern der Reichsleitung und den Arbeiter- und Soldatenräten geführt wurden. Die Lage bleibt gespannt, doch ist die Ruhe in der Stadt bisher nicht gestört worden. Die Versammlung nahm nach längerer Aussprache eine Entschließung an, in der die Einberufung der Nationalversammlung gefordert wird. Über die Versorgung der Bevölkerung mit Lebensmitteln und Kohlen wurde eingehend beraten; die zuständigen Stellen haben umfassende Maßnahmen in Aussicht gestellt. Die Rückkehr der Truppen vollzieht sich in voller Ordnung, und die Bevölkerung bereitet den heimkehrenden Soldaten einen herzlichen Empfang.
Es wird immer wieder von der Regierung und den Verhandlungen berichtet, die in den letzten Tagen zwischen den Vertretern der Reichsleitung und den Arbeiter- und Soldatenräten geführt wurden. Die Lage bleibt gespannt, doch ist die Ruhe in der Stadt bisher nicht gestört worden. Die Versammlung nahm nach längerer Aussprache eine Entschließung an, in der die Einberufung der Nationalversammlung gefordert wird. Über die Versorgung der Bevölkerung mit Lebensmitteln und Kohlen wurde eingehend beraten; die zuständigen Stellen haben umfassende Maßnahmen in Aussicht gestellt. Die Rückkehr der Truppen vollzieht sich in voller Ordnung, und die Bevölkerung bereitet den heimkehrenden Soldaten einen herzlichen Empfang. Es wird immer wieder von der Regierung und den Verhandlungen berichtet, die in den letzten Tagen zwischen den Vertretern der Reichsleitung und den Arbeiter- und Soldatenräten geführt wurden. Die Lage bleibt gespannt, doch ist die Ruhe in der Stadt bisher nicht gestört worden. Die Versammlung nahm nach längerer Aussprache eine Entschließung an, in der die Einberufung der Nationalversammlung gefordert wird. Über die Versorgung der Bevölkerung mit Lebensmitteln und Kohlen wurde eingehend beraten; die zuständigen Stellen haben umfassende Maßnahmen in Aussicht gestellt. Die Rückkehr der Truppen vollzieht sich in voller Ordnung, und die Bevölkerung bereitet den heimkehrenden Soldaten einen herzlichen Empfang.
Es wird immer wieder von der Regierung und den Verhandlungen berichtet, die in den letzten Tagen zwischen den Vertretern der Reichsleitung und den Arbeiter- und Soldatenräten geführt wurden. Die Lage bleibt gespannt, doch ist die Ruhe in der Stadt bisher nicht gestört worden. Die Versammlung nahm nach längerer Aussprache eine Entschließung an, in der die Einberufung der Nationalversammlung gefordert wird. Über die Versorgung der Bevölkerung mit Lebensmitteln und Kohlen wurde eingehend beraten; die zuständigen Stellen haben umfassende Maßnahmen in Aussicht gestellt. Die Rückkehr der Truppen vollzieht sich in voller Ordnung, und die Bevölkerung bereitet den heimkehrenden Soldaten einen herzlichen Empfang. Es wird immer wieder von der Regierung und den Verhandlungen berichtet, die in den letzten Tagen zwischen den Vertretern der Reichsleitung und den Arbeiter- und Soldatenräten geführt wurden. Die Lage bleibt gespannt, doch ist die Ruhe in der Stadt bisher nicht gestört worden. Die Versammlung nahm nach längerer Aussprache eine Entschließung an, in der die Einberufung der Nationalversammlung gefordert wird. Über die Versorgung der Bevölkerung mit Lebensmitteln und Kohlen wurde eingehend beraten; die zuständigen Stellen haben umfassende Maßnahmen in Aussicht gestellt. Die Rückkehr der Truppen vollzieht sich in voller Ordnung, und die Bevölkerung bereitet den heimkehrenden Soldaten einen herzlichen Empfang.
Es wird immer wieder von der Regierung und den Verhandlungen berichtet, die in den letzten Tagen zwischen den Vertretern der Reichsleitung und den Arbeiter- und Soldatenräten geführt wurden. Die Lage bleibt gespannt, doch ist die Ruhe in der Stadt bisher nicht gestört worden. Die Versammlung nahm nach längerer Aussprache eine Entschließung an, in der die Einberufung der Nationalversammlung gefordert wird. Über die Versorgung der Bevölkerung mit Lebensmitteln und Kohlen wurde eingehend beraten; die zuständigen Stellen haben umfassende Maßnahmen in Aussicht gestellt. Die Rückkehr der Truppen vollzieht sich in voller Ordnung, und die Bevölkerung bereitet den heimkehrenden Soldaten einen herzlichen Empfang. Es wird immer wieder von der Regierung und den Verhandlungen berichtet, die in den letzten Tagen zwischen den Vertretern der Reichsleitung und den Arbeiter- und Soldatenräten geführt wurden. Die Lage bleibt gespannt, doch ist die Ruhe in der Stadt bisher nicht gestört worden. Die Versammlung nahm nach längerer Aussprache eine Entschließung an, in der die Einberufung der Nationalversammlung gefordert wird. Über die Versorgung der Bevölkerung mit Lebensmitteln und Kohlen wurde eingehend beraten; die zuständigen Stellen haben umfassende Maßnahmen in Aussicht gestellt. Die Rückkehr der Truppen vollzieht sich in voller Ordnung, und die Bevölkerung bereitet den heimkehrenden Soldaten einen herzlichen Empfang.
Es wird immer wieder von der Regierung und den Verhandlungen berichtet, die in den letzten Tagen zwischen den Vertretern der Reichsleitung und den Arbeiter- und Soldatenräten geführt wurden. Die Lage bleibt gespannt, doch ist die Ruhe in der Stadt bisher nicht gestört worden. Die Versammlung nahm nach längerer Aussprache eine Entschließung an, in der die Einberufung der Nationalversammlung gefordert wird. Über die Versorgung der Bevölkerung mit Lebensmitteln und Kohlen wurde eingehend beraten; die zuständigen Stellen haben umfassende Maßnahmen in Aussicht gestellt. Die Rückkehr der Truppen vollzieht sich in voller Ordnung, und die Bevölkerung bereitet den heimkehrenden Soldaten einen herzlichen Empfang. Es wird immer wieder von der Regierung und den Verhandlungen berichtet, die in den letzten Tagen zwischen den Vertretern der Reichsleitung und den Arbeiter- und Soldatenräten geführt wurden. Die Lage bleibt gespannt, doch ist die Ruhe in der Stadt bisher nicht gestört worden. Die Versammlung nahm nach längerer Aussprache eine Entschließung an, in der die Einberufung der Nationalversammlung gefordert wird. Über die Versorgung der Bevölkerung mit Lebensmitteln und Kohlen wurde eingehend beraten; die zuständigen Stellen haben umfassende Maßnahmen in Aussicht gestellt. Die Rückkehr der Truppen vollzieht sich in voller Ordnung, und die Bevölkerung bereitet den heimkehrenden Soldaten einen herzlichen Empfang.
Es wird immer wieder von der Regierung und den Verhandlungen berichtet, die in den letzten Tagen zwischen den Vertretern der Reichsleitung und den Arbeiter- und Soldatenräten geführt wurden. Die Lage bleibt gespannt, doch ist die Ruhe in der Stadt bisher nicht gestört worden. Die Versammlung nahm nach längerer Aussprache eine Entschließung an, in der die Einberufung der Nationalversammlung gefordert wird. Über die Versorgung der Bevölkerung mit Lebensmitteln und Kohlen wurde eingehend beraten; die zuständigen Stellen haben umfassende Maßnahmen in Aussicht gestellt. Die Rückkehr der Truppen vollzieht sich in voller Ordnung, und die Bevölkerung bereitet den heimkehrenden Soldaten einen herzlichen Empfang. Es wird immer wieder von der Regierung und den Verhandlungen berichtet, die in den letzten Tagen zwischen den Vertretern der Reichsleitung und den Arbeiter- und Soldatenräten geführt wurden. Die Lage bleibt gespannt, doch ist die Ruhe in der Stadt bisher nicht gestört worden. Die Versammlung nahm nach längerer Aussprache eine Entschließung an, in der die Einberufung der Nationalversammlung gefordert wird. Über die Versorgung der Bevölkerung mit Lebensmitteln und Kohlen wurde eingehend beraten; die zuständigen Stellen haben umfassende Maßnahmen in Aussicht gestellt. Die Rückkehr der Truppen vollzieht sich in voller Ordnung, und die Bevölkerung bereitet den heimkehrenden Soldaten einen herzlichen Empfang.
Es wird immer wieder von der Regierung und den Verhandlungen berichtet, die in den letzten Tagen zwischen den Vertretern der Reichsleitung und den Arbeiter- und Soldatenräten geführt wurden. Die Lage bleibt gespannt, doch ist die Ruhe in der Stadt bisher nicht gestört worden. Die Versammlung nahm nach längerer Aussprache eine Entschließung an, in der die Einberufung der Nationalversammlung gefordert wird. Über die Versorgung der Bevölkerung mit Lebensmitteln und Kohlen wurde eingehend beraten; die zuständigen Stellen haben umfassende Maßnahmen in Aussicht gestellt. Die Rückkehr der Truppen vollzieht sich in voller Ordnung, und die Bevölkerung bereitet den heimkehrenden Soldaten einen herzlichen Empfang. Es wird immer wieder von der Regierung und den Verhandlungen berichtet, die in den letzten Tagen zwischen den Vertretern der Reichsleitung und den Arbeiter- und Soldatenräten geführt wurden. Die Lage bleibt gespannt, doch ist die Ruhe in der Stadt bisher nicht gestört worden. Die Versammlung nahm nach längerer Aussprache eine Entschließung an, in der die Einberufung der Nationalversammlung gefordert wird. Über die Versorgung der Bevölkerung mit Lebensmitteln und Kohlen wurde eingehend beraten; die zuständigen Stellen haben umfassende Maßnahmen in Aussicht gestellt. Die Rückkehr der Truppen vollzieht sich in voller Ordnung, und die Bevölkerung bereitet den heimkehrenden Soldaten einen herzlichen Empfang.
Es wird immer wieder von der Regierung und den Verhandlungen berichtet, die in den letzten Tagen zwischen den Vertretern der Reichsleitung und den Arbeiter- und Soldatenräten geführt wurden. Die Lage bleibt gespannt, doch ist die Ruhe in der Stadt bisher nicht gestört worden. Die Versammlung nahm nach längerer Aussprache eine Entschließung an, in der die Einberufung der Nationalversammlung gefordert wird. Über die Versorgung der Bevölkerung mit Lebensmitteln und Kohlen wurde eingehend beraten; die zuständigen Stellen haben umfassende Maßnahmen in Aussicht gestellt. Die Rückkehr der Truppen vollzieht sich in voller Ordnung, und die Bevölkerung bereitet den heimkehrenden Soldaten einen herzlichen Empfang. Es wird immer wieder von der Regierung und den Verhandlungen berichtet, die in den letzten Tagen zwischen den Vertretern der Reichsleitung und den Arbeiter- und Soldatenräten geführt wurden. Die Lage bleibt gespannt, doch ist die Ruhe in der Stadt bisher nicht gestört worden. Die Versammlung nahm nach längerer Aussprache eine Entschließung an, in der die Einberufung der Nationalversammlung gefordert wird. Über die Versorgung der Bevölkerung mit Lebensmitteln und Kohlen wurde eingehend beraten; die zuständigen Stellen haben umfassende Maßnahmen in Aussicht gestellt. Die Rückkehr der Truppen vollzieht sich in voller Ordnung, und die Bevölkerung bereitet den heimkehrenden Soldaten einen herzlichen Empfang.
1. Vergl. I. Morgenblatt vom 8. 12.
Es wird immer wieder von der Regierung und den Verhandlungen berichtet, die in den letzten Tagen zwischen den Vertretern der Reichsleitung und den Arbeiter- und Soldatenräten geführt wurden. Die Lage bleibt gespannt, doch ist die Ruhe in der Stadt bisher nicht gestört worden. Die Versammlung nahm nach längerer Aussprache eine Entschließung an, in der die Einberufung der Nationalversammlung gefordert wird. Über die Versorgung der Bevölkerung mit Lebensmitteln und Kohlen wurde eingehend beraten; die zuständigen Stellen haben umfassende Maßnahmen in Aussicht gestellt. Die Rückkehr der Truppen vollzieht sich in voller Ordnung, und die Bevölkerung bereitet den heimkehrenden Soldaten einen herzlichen Empfang. Es wird immer wieder von der Regierung und den Verhandlungen berichtet, die in den letzten Tagen zwischen den Vertretern der Reichsleitung und den Arbeiter- und Soldatenräten geführt wurden. Die Lage bleibt gespannt, doch ist die Ruhe in der Stadt bisher nicht gestört worden. Die Versammlung nahm nach längerer Aussprache eine Entschließung an, in der die Einberufung der Nationalversammlung gefordert wird. Über die Versorgung der Bevölkerung mit Lebensmitteln und Kohlen wurde eingehend beraten; die zuständigen Stellen haben umfassende Maßnahmen in Aussicht gestellt. Die Rückkehr der Truppen vollzieht sich in voller Ordnung, und die Bevölkerung bereitet den heimkehrenden Soldaten einen herzlichen Empfang.
Fristen im Wechsel- und Scheckverkehr.
Es wird immer wieder von der Regierung und den Verhandlungen berichtet, die in den letzten Tagen zwischen den Vertretern der Reichsleitung und den Arbeiter- und Soldatenräten geführt wurden. Die Lage bleibt gespannt, doch ist die Ruhe in der Stadt bisher nicht gestört worden. Die Versammlung nahm nach längerer Aussprache eine Entschließung an, in der die Einberufung der Nationalversammlung gefordert wird. Über die Versorgung der Bevölkerung mit Lebensmitteln und Kohlen wurde eingehend beraten; die zuständigen Stellen haben umfassende Maßnahmen in Aussicht gestellt. Die Rückkehr der Truppen vollzieht sich in voller Ordnung, und die Bevölkerung bereitet den heimkehrenden Soldaten einen herzlichen Empfang. Es wird immer wieder von der Regierung und den Verhandlungen berichtet, die in den letzten Tagen zwischen den Vertretern der Reichsleitung und den Arbeiter- und Soldatenräten geführt wurden. Die Lage bleibt gespannt, doch ist die Ruhe in der Stadt bisher nicht gestört worden. Die Versammlung nahm nach längerer Aussprache eine Entschließung an, in der die Einberufung der Nationalversammlung gefordert wird. Über die Versorgung der Bevölkerung mit Lebensmitteln und Kohlen wurde eingehend beraten; die zuständigen Stellen haben umfassende Maßnahmen in Aussicht gestellt. Die Rückkehr der Truppen vollzieht sich in voller Ordnung, und die Bevölkerung bereitet den heimkehrenden Soldaten einen herzlichen Empfang.
Einlösung von Dezember-Kupons.
Es wird immer wieder von der Regierung und den Verhandlungen berichtet, die in den letzten Tagen zwischen den Vertretern der Reichsleitung und den Arbeiter- und Soldatenräten geführt wurden. Die Lage bleibt gespannt, doch ist die Ruhe in der Stadt bisher nicht gestört worden. Die Versammlung nahm nach längerer Aussprache eine Entschließung an, in der die Einberufung der Nationalversammlung gefordert wird. Über die Versorgung der Bevölkerung mit Lebensmitteln und Kohlen wurde eingehend beraten; die zuständigen Stellen haben umfassende Maßnahmen in Aussicht gestellt. Die Rückkehr der Truppen vollzieht sich in voller Ordnung, und die Bevölkerung bereitet den heimkehrenden Soldaten einen herzlichen Empfang. Es wird immer wieder von der Regierung und den Verhandlungen berichtet, die in den letzten Tagen zwischen den Vertretern der Reichsleitung und den Arbeiter- und Soldatenräten geführt wurden. Die Lage bleibt gespannt, doch ist die Ruhe in der Stadt bisher nicht gestört worden. Die Versammlung nahm nach längerer Aussprache eine Entschließung an, in der die Einberufung der Nationalversammlung gefordert wird. Über die Versorgung der Bevölkerung mit Lebensmitteln und Kohlen wurde eingehend beraten; die zuständigen Stellen haben umfassende Maßnahmen in Aussicht gestellt. Die Rückkehr der Truppen vollzieht sich in voller Ordnung, und die Bevölkerung bereitet den heimkehrenden Soldaten einen herzlichen Empfang.
Unsere Indexziffern
31. Dez. 1913	31. Dez. 1914	31. Dez. 1915	31. Dez. 1916	31. Dez. 1917	27. Sept. 1918	31. Okt. 1918	7. Nov. 1918	30. Nov. 1918	7. Dez. 1918
100	104	104	104	1111	1123	1113	1119	1104	1091
338	312	368	427	4771	561	488	498	511	497
Es wird immer wieder von der Regierung und den Verhandlungen berichtet, die in den letzten Tagen zwischen den Vertretern der Reichsleitung und den Arbeiter- und Soldatenräten geführt wurden. Die Lage bleibt gespannt, doch ist die Ruhe in der Stadt bisher nicht gestört worden. Die Versammlung nahm nach längerer Aussprache eine Entschließung an, in der die Einberufung der Nationalversammlung gefordert wird. Über die Versorgung der Bevölkerung mit Lebensmitteln und Kohlen wurde eingehend beraten; die zuständigen Stellen haben umfassende Maßnahmen in Aussicht gestellt. Die Rückkehr der Truppen vollzieht sich in voller Ordnung, und die Bevölkerung bereitet den heimkehrenden Soldaten einen herzlichen Empfang. Es wird immer wieder von der Regierung und den Verhandlungen berichtet, die in den letzten Tagen zwischen den Vertretern der Reichsleitung und den Arbeiter- und Soldatenräten geführt wurden. Die Lage bleibt gespannt, doch ist die Ruhe in der Stadt bisher nicht gestört worden. Die Versammlung nahm nach längerer Aussprache eine Entschließung an, in der die Einberufung der Nationalversammlung gefordert wird. Über die Versorgung der Bevölkerung mit Lebensmitteln und Kohlen wurde eingehend beraten; die zuständigen Stellen haben umfassende Maßnahmen in Aussicht gestellt. Die Rückkehr der Truppen vollzieht sich in voller Ordnung, und die Bevölkerung bereitet den heimkehrenden Soldaten einen herzlichen Empfang.
Es wird immer wieder von der Regierung und den Verhandlungen berichtet, die in den letzten Tagen zwischen den Vertretern der Reichsleitung und den Arbeiter- und Soldatenräten geführt wurden. Die Lage bleibt gespannt, doch ist die Ruhe in der Stadt bisher nicht gestört worden. Die Versammlung nahm nach längerer Aussprache eine Entschließung an, in der die Einberufung der Nationalversammlung gefordert wird. Über die Versorgung der Bevölkerung mit Lebensmitteln und Kohlen wurde eingehend beraten; die zuständigen Stellen haben umfassende Maßnahmen in Aussicht gestellt. Die Rückkehr der Truppen vollzieht sich in voller Ordnung, und die Bevölkerung bereitet den heimkehrenden Soldaten einen herzlichen Empfang. Es wird immer wieder von der Regierung und den Verhandlungen berichtet, die in den letzten Tagen zwischen den Vertretern der Reichsleitung und den Arbeiter- und Soldatenräten geführt wurden. Die Lage bleibt gespannt, doch ist die Ruhe in der Stadt bisher nicht gestört worden. Die Versammlung nahm nach längerer Aussprache eine Entschließung an, in der die Einberufung der Nationalversammlung gefordert wird. Über die Versorgung der Bevölkerung mit Lebensmitteln und Kohlen wurde eingehend beraten; die zuständigen Stellen haben umfassende Maßnahmen in Aussicht gestellt. Die Rückkehr der Truppen vollzieht sich in voller Ordnung, und die Bevölkerung bereitet den heimkehrenden Soldaten einen herzlichen Empfang.
Vom süddeutschen Kohlenmarkt.
Es wird immer wieder von der Regierung und den Verhandlungen berichtet, die in den letzten Tagen zwischen den Vertretern der Reichsleitung und den Arbeiter- und Soldatenräten geführt wurden. Die Lage bleibt gespannt, doch ist die Ruhe in der Stadt bisher nicht gestört worden. Die Versammlung nahm nach längerer Aussprache eine Entschließung an, in der die Einberufung der Nationalversammlung gefordert wird. Über die Versorgung der Bevölkerung mit Lebensmitteln und Kohlen wurde eingehend beraten; die zuständigen Stellen haben umfassende Maßnahmen in Aussicht gestellt. Die Rückkehr der Truppen vollzieht sich in voller Ordnung, und die Bevölkerung bereitet den heimkehrenden Soldaten einen herzlichen Empfang. Es wird immer wieder von der Regierung und den Verhandlungen berichtet, die in den letzten Tagen zwischen den Vertretern der Reichsleitung und den Arbeiter- und Soldatenräten geführt wurden. Die Lage bleibt gespannt, doch ist die Ruhe in der Stadt bisher nicht gestört worden. Die Versammlung nahm nach längerer Aussprache eine Entschließung an, in der die Einberufung der Nationalversammlung gefordert wird. Über die Versorgung der Bevölkerung mit Lebensmitteln und Kohlen wurde eingehend beraten; die zuständigen Stellen haben umfassende Maßnahmen in Aussicht gestellt. Die Rückkehr der Truppen vollzieht sich in voller Ordnung, und die Bevölkerung bereitet den heimkehrenden Soldaten einen herzlichen Empfang.
Es wird immer wieder von der Regierung und den Verhandlungen berichtet, die in den letzten Tagen zwischen den Vertretern der Reichsleitung und den Arbeiter- und Soldatenräten geführt wurden. Die Lage bleibt gespannt, doch ist die Ruhe in der Stadt bisher nicht gestört worden. Die Versammlung nahm nach längerer Aussprache eine Entschließung an, in der die Einberufung der Nationalversammlung gefordert wird. Über die Versorgung der Bevölkerung mit Lebensmitteln und Kohlen wurde eingehend beraten; die zuständigen Stellen haben umfassende Maßnahmen in Aussicht gestellt. Die Rückkehr der Truppen vollzieht sich in voller Ordnung, und die Bevölkerung bereitet den heimkehrenden Soldaten einen herzlichen Empfang. Es wird immer wieder von der Regierung und den Verhandlungen berichtet, die in den letzten Tagen zwischen den Vertretern der Reichsleitung und den Arbeiter- und Soldatenräten geführt wurden. Die Lage bleibt gespannt, doch ist die Ruhe in der Stadt bisher nicht gestört worden. Die Versammlung nahm nach längerer Aussprache eine Entschließung an, in der die Einberufung der Nationalversammlung gefordert wird. Über die Versorgung der Bevölkerung mit Lebensmitteln und Kohlen wurde eingehend beraten; die zuständigen Stellen haben umfassende Maßnahmen in Aussicht gestellt. Die Rückkehr der Truppen vollzieht sich in voller Ordnung, und die Bevölkerung bereitet den heimkehrenden Soldaten einen herzlichen Empfang.
Es wird immer wieder von der Regierung und den Verhandlungen berichtet, die in den letzten Tagen zwischen den Vertretern der Reichsleitung und den Arbeiter- und Soldatenräten geführt wurden. Die Lage bleibt gespannt, doch ist die Ruhe in der Stadt bisher nicht gestört worden. Die Versammlung nahm nach längerer Aussprache eine Entschließung an, in der die Einberufung der Nationalversammlung gefordert wird. Über die Versorgung der Bevölkerung mit Lebensmitteln und Kohlen wurde eingehend beraten; die zuständigen Stellen haben umfassende Maßnahmen in Aussicht gestellt. Die Rückkehr der Truppen vollzieht sich in voller Ordnung, und die Bevölkerung bereitet den heimkehrenden Soldaten einen herzlichen Empfang. Es wird immer wieder von der Regierung und den Verhandlungen berichtet, die in den letzten Tagen zwischen den Vertretern der Reichsleitung und den Arbeiter- und Soldatenräten geführt wurden. Die Lage bleibt gespannt, doch ist die Ruhe in der Stadt bisher nicht gestört worden. Die Versammlung nahm nach längerer Aussprache eine Entschließung an, in der die Einberufung der Nationalversammlung gefordert wird. Über die Versorgung der Bevölkerung mit Lebensmitteln und Kohlen wurde eingehend beraten; die zuständigen Stellen haben umfassende Maßnahmen in Aussicht gestellt. Die Rückkehr der Truppen vollzieht sich in voller Ordnung, und die Bevölkerung bereitet den heimkehrenden Soldaten einen herzlichen Empfang.
Drahtmeldungen.
Es wird immer wieder von der Regierung und den Verhandlungen berichtet, die in den letzten Tagen zwischen den Vertretern der Reichsleitung und den Arbeiter- und Soldatenräten geführt wurden. Die Lage bleibt gespannt, doch ist die Ruhe in der Stadt bisher nicht gestört worden. Die Versammlung nahm nach längerer Aussprache eine Entschließung an, in der die Einberufung der Nationalversammlung gefordert wird. Über die Versorgung der Bevölkerung mit Lebensmitteln und Kohlen wurde eingehend beraten; die zuständigen Stellen haben umfassende Maßnahmen in Aussicht gestellt. Die Rückkehr der Truppen vollzieht sich in voller Ordnung, und die Bevölkerung bereitet den heimkehrenden Soldaten einen herzlichen Empfang. Es wird immer wieder von der Regierung und den Verhandlungen berichtet, die in den letzten Tagen zwischen den Vertretern der Reichsleitung und den Arbeiter- und Soldatenräten geführt wurden. Die Lage bleibt gespannt, doch ist die Ruhe in der Stadt bisher nicht gestört worden. Die Versammlung nahm nach längerer Aussprache eine Entschließung an, in der die Einberufung der Nationalversammlung gefordert wird. Über die Versorgung der Bevölkerung mit Lebensmitteln und Kohlen wurde eingehend beraten; die zuständigen Stellen haben umfassende Maßnahmen in Aussicht gestellt. Die Rückkehr der Truppen vollzieht sich in voller Ordnung, und die Bevölkerung bereitet den heimkehrenden Soldaten einen herzlichen Empfang.
Es wird immer wieder von der Regierung und den Verhandlungen berichtet, die in den letzten Tagen zwischen den Vertretern der Reichsleitung und den Arbeiter- und Soldatenräten geführt wurden. Die Lage bleibt gespannt, doch ist die Ruhe in der Stadt bisher nicht gestört worden. Die Versammlung nahm nach längerer Aussprache eine Entschließung an, in der die Einberufung der Nationalversammlung gefordert wird. Über die Versorgung der Bevölkerung mit Lebensmitteln und Kohlen wurde eingehend beraten; die zuständigen Stellen haben umfassende Maßnahmen in Aussicht gestellt. Die Rückkehr der Truppen vollzieht sich in voller Ordnung, und die Bevölkerung bereitet den heimkehrenden Soldaten einen herzlichen Empfang. Es wird immer wieder von der Regierung und den Verhandlungen berichtet, die in den letzten Tagen zwischen den Vertretern der Reichsleitung und den Arbeiter- und Soldatenräten geführt wurden. Die Lage bleibt gespannt, doch ist die Ruhe in der Stadt bisher nicht gestört worden. Die Versammlung nahm nach längerer Aussprache eine Entschließung an, in der die Einberufung der Nationalversammlung gefordert wird. Über die Versorgung der Bevölkerung mit Lebensmitteln und Kohlen wurde eingehend beraten; die zuständigen Stellen haben umfassende Maßnahmen in Aussicht gestellt. Die Rückkehr der Truppen vollzieht sich in voller Ordnung, und die Bevölkerung bereitet den heimkehrenden Soldaten einen herzlichen Empfang.
Wetterberichte v. 9. Dez.
Es wird immer wieder von der Regierung und den Verhandlungen berichtet, die in den letzten Tagen zwischen den Vertretern der Reichsleitung und den Arbeiter- und Soldatenräten geführt wurden. Die Lage bleibt gespannt, doch ist die Ruhe in der Stadt bisher nicht gestört worden. Die Versammlung nahm nach längerer Aussprache eine Entschließung an, in der die Einberufung der Nationalversammlung gefordert wird. Über die Versorgung der Bevölkerung mit Lebensmitteln und Kohlen wurde eingehend beraten; die zuständigen Stellen haben umfassende Maßnahmen in Aussicht gestellt. Die Rückkehr der Truppen vollzieht sich in voller Ordnung, und die Bevölkerung bereitet den heimkehrenden Soldaten einen herzlichen Empfang. Es wird immer wieder von der Regierung und den Verhandlungen berichtet, die in den letzten Tagen zwischen den Vertretern der Reichsleitung und den Arbeiter- und Soldatenräten geführt wurden. Die Lage bleibt gespannt, doch ist die Ruhe in der Stadt bisher nicht gestört worden. Die Versammlung nahm nach längerer Aussprache eine Entschließung an, in der die Einberufung der Nationalversammlung gefordert wird. Über die Versorgung der Bevölkerung mit Lebensmitteln und Kohlen wurde eingehend beraten; die zuständigen Stellen haben umfassende Maßnahmen in Aussicht gestellt. Die Rückkehr der Truppen vollzieht sich in voller Ordnung, und die Bevölkerung bereitet den heimkehrenden Soldaten einen herzlichen Empfang.
Wasserstand
Es wird immer wieder von der Regierung und den Verhandlungen berichtet, die in den letzten Tagen zwischen den Vertretern der Reichsleitung und den Arbeiter- und Soldatenräten geführt wurden. Die Lage bleibt gespannt, doch ist die Ruhe in der Stadt bisher nicht gestört worden. Die Versammlung nahm nach längerer Aussprache eine Entschließung an, in der die Einberufung der Nationalversammlung gefordert wird. Über die Versorgung der Bevölkerung mit Lebensmitteln und Kohlen wurde eingehend beraten; die zuständigen Stellen haben umfassende Maßnahmen in Aussicht gestellt. Die Rückkehr der Truppen vollzieht sich in voller Ordnung, und die Bevölkerung bereitet den heimkehrenden Soldaten einen herzlichen Empfang. Es wird immer wieder von der Regierung und den Verhandlungen berichtet, die in den letzten Tagen zwischen den Vertretern der Reichsleitung und den Arbeiter- und Soldatenräten geführt wurden. Die Lage bleibt gespannt, doch ist die Ruhe in der Stadt bisher nicht gestört worden. Die Versammlung nahm nach längerer Aussprache eine Entschließung an, in der die Einberufung der Nationalversammlung gefordert wird. Über die Versorgung der Bevölkerung mit Lebensmitteln und Kohlen wurde eingehend beraten; die zuständigen Stellen haben umfassende Maßnahmen in Aussicht gestellt. Die Rückkehr der Truppen vollzieht sich in voller Ordnung, und die Bevölkerung bereitet den heimkehrenden Soldaten einen herzlichen Empfang.
Schluß des redaktionellen Teiles.
O. Z.-Kneifer
Orthozentrische Kneifer G. m. b. H., Frankfurt a. M.
